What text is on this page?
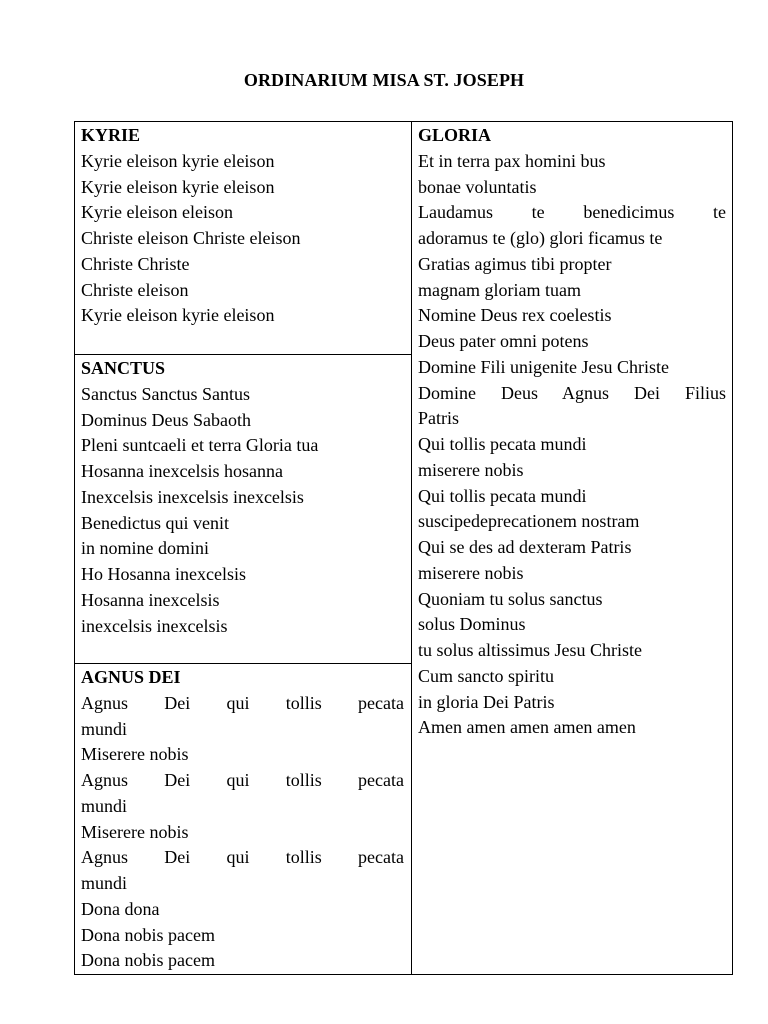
ORDINARIUM MISA ST. JOSEPH
KYRIE
Kyrie eleison kyrie eleison
Kyrie eleison kyrie eleison
Kyrie eleison eleison
Christe eleison Christe eleison
Christe Christe
Christe eleison
Kyrie eleison kyrie eleison

GLORIA
Et in terra pax homini bus
bonae voluntatis
Laudamus te benedicimus te
adoramus te (glo) glori ficamus te
Gratias agimus tibi propter
magnam gloriam tuam
Nomine Deus rex coelestis
Deus pater omni potens
Domine Fili unigenite Jesu Christe
Domine Deus Agnus Dei Filius
Patris
Qui tollis pecata mundi
miserere nobis
Qui tollis pecata mundi
suscipedeprecationem nostram
Qui se des ad dexteram Patris
miserere nobis
Quoniam tu solus sanctus
solus Dominus
tu solus altissimus Jesu Christe
Cum sancto spiritu
in gloria Dei Patris
Amen amen amen amen amen

SANCTUS
Sanctus Sanctus Santus
Dominus Deus Sabaoth
Pleni suntcaeli et terra Gloria tua
Hosanna inexcelsis hosanna
Inexcelsis inexcelsis inexcelsis
Benedictus qui venit
in nomine domini
Ho Hosanna inexcelsis
Hosanna inexcelsis
inexcelsis inexcelsis

AGNUS DEI
Agnus Dei qui tollis pecata
mundi
Miserere nobis
Agnus Dei qui tollis pecata
mundi
Miserere nobis
Agnus Dei qui tollis pecata
mundi
Dona dona
Dona nobis pacem
Dona nobis pacem
